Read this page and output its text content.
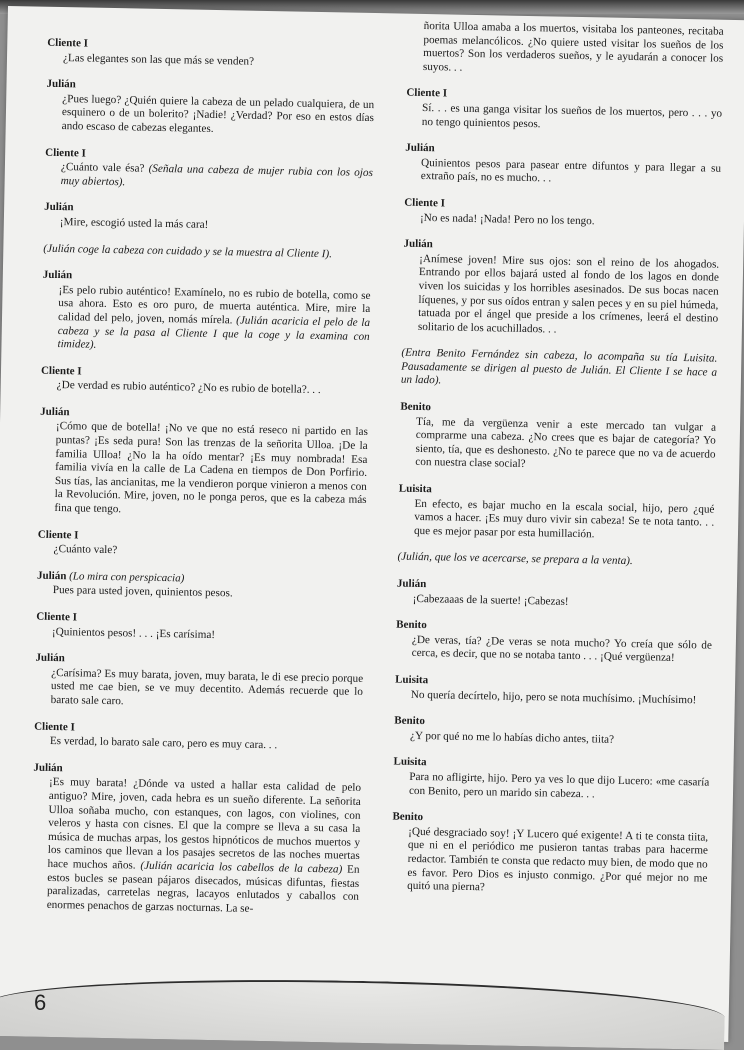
Cliente I
¿Las elegantes son las que más se venden?
Julián
¿Pues luego? ¿Quién quiere la cabeza de un pelado cualquiera, de un esquinero o de un bolerito? ¡Nadie! ¿Verdad? Por eso en estos días ando escaso de cabezas elegantes.
Cliente I
¿Cuánto vale ésa? (Señala una cabeza de mujer rubia con los ojos muy abiertos).
Julián
¡Mire, escogió usted la más cara!
(Julián coge la cabeza con cuidado y se la muestra al Cliente I).
Julián
¡Es pelo rubio auténtico! Examínelo, no es rubio de botella, como se usa ahora. Esto es oro puro, de muerta auténtica. Mire, mire la calidad del pelo, joven, nomás mírela. (Julián acaricia el pelo de la cabeza y se la pasa al Cliente I que la coge y la examina con timidez).
Cliente I
¿De verdad es rubio auténtico? ¿No es rubio de botella?. . .
Julián
¡Cómo que de botella! ¡No ve que no está reseco ni partido en las puntas? ¡Es seda pura! Son las trenzas de la señorita Ulloa. ¡De la familia Ulloa! ¿No la ha oído mentar? ¡Es muy nombrada! Esa familia vivía en la calle de La Cadena en tiempos de Don Porfirio. Sus tías, las ancianitas, me la vendieron porque vinieron a menos con la Revolución. Mire, joven, no le ponga peros, que es la cabeza más fina que tengo.
Cliente I
¿Cuánto vale?
Julián (Lo mira con perspicacia)
Pues para usted joven, quinientos pesos.
Cliente I
¡Quinientos pesos! . . . ¡Es carísima!
Julián
¿Carísima? Es muy barata, joven, muy barata, le di ese precio porque usted me cae bien, se ve muy decentito. Además recuerde que lo barato sale caro.
Cliente I
Es verdad, lo barato sale caro, pero es muy cara. . .
Julián
¡Es muy barata! ¿Dónde va usted a hallar esta calidad de pelo antiguo? Mire, joven, cada hebra es un sueño diferente. La señorita Ulloa soñaba mucho, con estanques, con lagos, con violines, con veleros y hasta con cisnes. El que la compre se lleva a su casa la música de muchas arpas, los gestos hipnóticos de muchos muertos y los caminos que llevan a los pasajes secretos de las noches muertas hace muchos años. (Julián acaricia los cabellos de la cabeza) En estos bucles se pasean pájaros disecados, músicas difuntas, fiestas paralizadas, carretelas negras, lacayos enlutados y caballos con enormes penachos de garzas nocturnas. La se-
ñorita Ulloa amaba a los muertos, visitaba los panteones, recitaba poemas melancólicos. ¿No quiere usted visitar los sueños de los muertos? Son los verdaderos sueños, y le ayudarán a conocer los suyos. . .
Cliente I
Sí. . . es una ganga visitar los sueños de los muertos, pero . . . yo no tengo quinientos pesos.
Julián
Quinientos pesos para pasear entre difuntos y para llegar a su extraño país, no es mucho. . .
Cliente I
¡No es nada! ¡Nada! Pero no los tengo.
Julián
¡Anímese joven! Mire sus ojos: son el reino de los ahogados. Entrando por ellos bajará usted al fondo de los lagos en donde viven los suicidas y los horribles asesinados. De sus bocas nacen líquenes, y por sus oídos entran y salen peces y en su piel húmeda, tatuada por el ángel que preside a los crímenes, leerá el destino solitario de los acuchillados. . .
(Entra Benito Fernández sin cabeza, lo acompaña su tía Luisita. Pausadamente se dirigen al puesto de Julián. El Cliente I se hace a un lado).
Benito
Tía, me da vergüenza venir a este mercado tan vulgar a comprarme una cabeza. ¿No crees que es bajar de categoría? Yo siento, tía, que es deshonesto. ¿No te parece que no va de acuerdo con nuestra clase social?
Luisita
En efecto, es bajar mucho en la escala social, hijo, pero ¿qué vamos a hacer. ¡Es muy duro vivir sin cabeza! Se te nota tanto. . . que es mejor pasar por esta humillación.
(Julián, que los ve acercarse, se prepara a la venta).
Julián
¡Cabezaaas de la suerte! ¡Cabezas!
Benito
¿De veras, tía? ¿De veras se nota mucho? Yo creía que sólo de cerca, es decir, que no se notaba tanto . . . ¡Qué vergüenza!
Luisita
No quería decírtelo, hijo, pero se nota muchísimo. ¡Muchísimo!
Benito
¿Y por qué no me lo habías dicho antes, tiita?
Luisita
Para no afligirte, hijo. Pero ya ves lo que dijo Lucero: «me casaría con Benito, pero un marido sin cabeza. . .
Benito
¡Qué desgraciado soy! ¡Y Lucero qué exigente! A ti te consta tiita, que ni en el periódico me pusieron tantas trabas para hacerme redactor. También te consta que redacto muy bien, de modo que no es favor. Pero Dios es injusto conmigo. ¿Por qué mejor no me quitó una pierna?
6
